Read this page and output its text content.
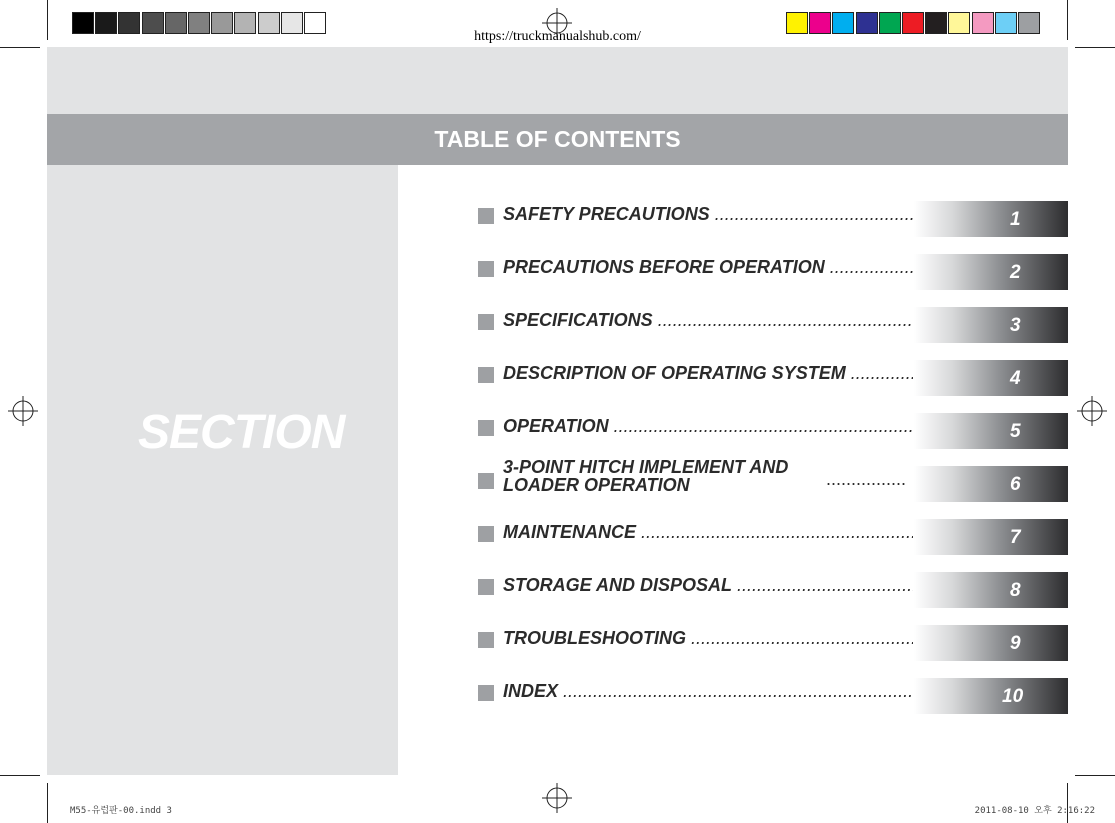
https://truckmanualshub.com/
TABLE OF CONTENTS
SECTION
SAFETY PRECAUTIONS .....	1
PRECAUTIONS BEFORE OPERATION .....	2
SPECIFICATIONS .....	3
DESCRIPTION OF OPERATING SYSTEM .....	4
OPERATION .....	5
3-POINT HITCH IMPLEMENT AND
LOADER OPERATION	................	6
MAINTENANCE .....	7
STORAGE AND DISPOSAL .....	8
TROUBLESHOOTING .....	9
INDEX .....	10
M55-유럽판-00.indd 3	2011-08-10 오후 2:16:22
